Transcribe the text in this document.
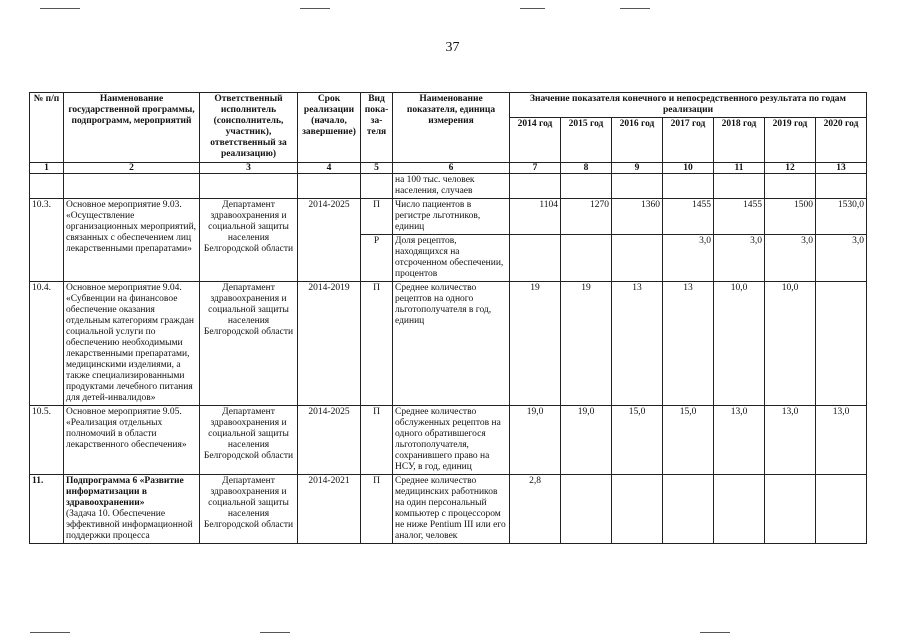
37
№ п/п	Наименование государственной программы, подпрограмм, мероприятий	Ответственный исполнитель (соисполнитель, участник), ответственный за реализацию)	Срок реализации (начало, завершение)	Вид пока-за-теля	Наименование показателя, единица измерения	Значение показателя конечного и непосредственного результата по годам реализации						
						2014 год	2015 год	2016 год	2017 год	2018 год	2019 год	2020 год
1	2	3	4	5	6	7	8	9	10	11	12	13
					на 100 тыс. человек населения, случаев							
10.3.	Основное мероприятие 9.03. «Осуществление организационных мероприятий, связанных с обеспечением лиц лекарственными препаратами»	Департамент здравоохранения и социальной защиты населения Белгородской области	2014-2025	П	Число пациентов в регистре льготников, единиц	1104	1270	1360	1455	1455	1500	1530,0
				Р	Доля рецептов, находящихся на отсроченном обеспечении, процентов				3,0	3,0	3,0	3,0
10.4.	Основное мероприятие 9.04. «Субвенции на финансовое обеспечение оказания отдельным категориям граждан социальной услуги по обеспечению необходимыми лекарственными препаратами, медицинскими изделиями, а также специализированными продуктами лечебного питания для детей-инвалидов»	Департамент здравоохранения и социальной защиты населения Белгородской области	2014-2019	П	Среднее количество рецептов на одного льготополучателя в год, единиц	19	19	13	13	10,0	10,0	
10.5.	Основное мероприятие 9.05. «Реализация отдельных полномочий в области лекарственного обеспечения»	Департамент здравоохранения и социальной защиты населения Белгородской области	2014-2025	П	Среднее количество обслуженных рецептов на одного обратившегося льготополучателя, сохранившего право на НСУ, в год, единиц	19,0	19,0	15,0	15,0	13,0	13,0	13,0
11.	Подпрограмма 6 «Развитие информатизации в здравоохранении»
(Задача 10. Обеспечение эффективной информационной поддержки процесса	Департамент здравоохранения и социальной защиты населения Белгородской области	2014-2021	П	Среднее количество медицинских работников на один персональный компьютер с процессором не ниже Pentium III или его аналог, человек	2,8						
